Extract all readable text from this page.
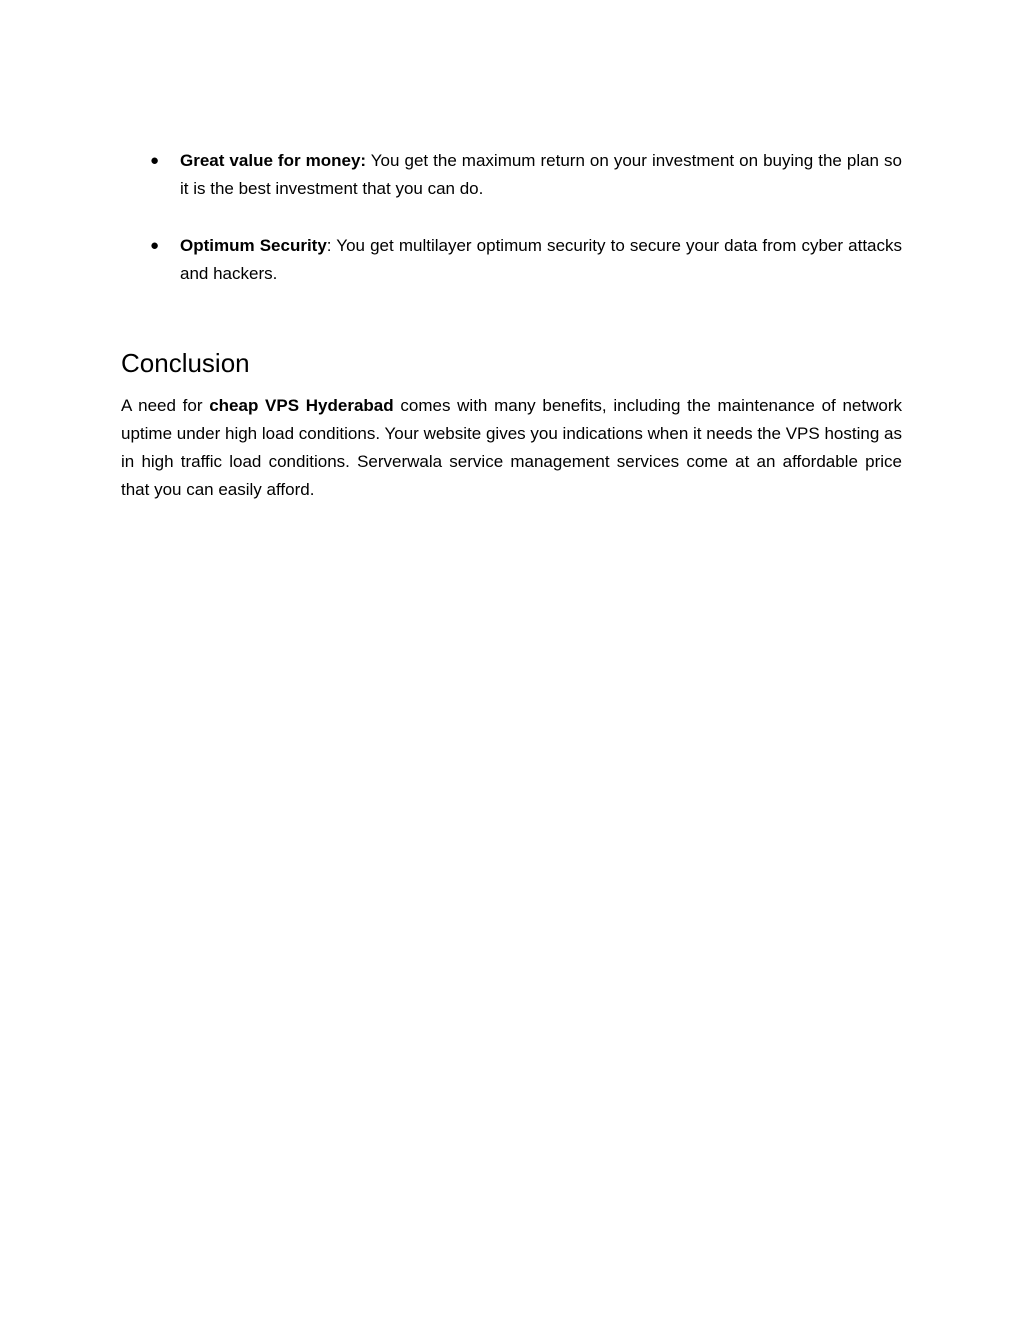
● Great value for money: You get the maximum return on your investment on buying the plan so it is the best investment that you can do.
● Optimum Security: You get multilayer optimum security to secure your data from cyber attacks and hackers.
Conclusion

A need for cheap VPS Hyderabad comes with many benefits, including the maintenance of network uptime under high load conditions. Your website gives you indications when it needs the VPS hosting as in high traffic load conditions. Serverwala service management services come at an affordable price that you can easily afford.
